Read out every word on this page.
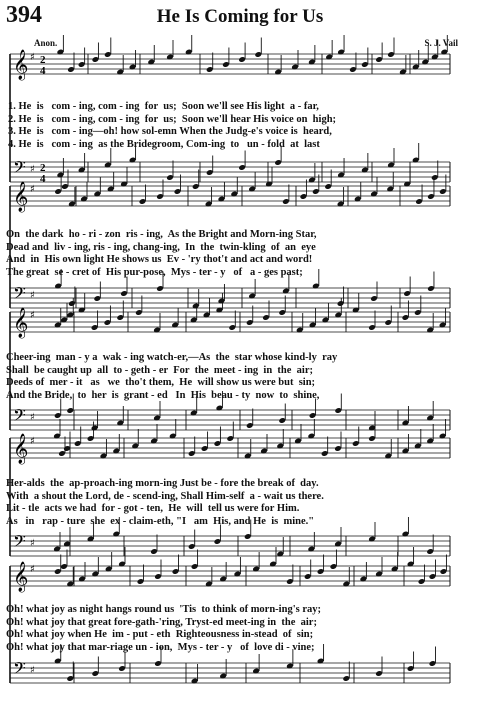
394	He Is Coming for Us
Anon.	S. J. Vail
𝄞
𝄢
♯
♯
2
4
2
4
𝄞
𝄢
♯
♯
𝄞
𝄢
♯
♯
𝄞
𝄢
♯
♯
𝄞
𝄢
♯
♯
1. He  is   com - ing, com - ing  for  us;  Soon we'll see His light  a - far,
2. He  is   com - ing, com - ing  for  us;  Soon we'll hear His voice on  high;
3. He  is   com - ing—oh! how sol-emn When the Judg-e's voice is  heard,
4. He  is   com - ing  as the Bridegroom, Com-ing  to   un - fold  at  last
On  the dark  ho - ri - zon  ris - ing,  As the Bright and Morn-ing Star,
Dead and  liv - ing, ris - ing, chang-ing,  In  the  twin-kling  of  an  eye
And  in  His own light He shows us  Ev - 'ry thot't and act and word!
The great  se - cret of  His pur-pose,  Mys - ter - y   of   a - ges past;
Cheer-ing  man - y a  wak - ing watch-er,—As  the  star whose kind-ly  ray
Shall  be caught up  all  to - geth - er  For  the  meet - ing  in  the  air;
Deeds of  mer - it   as   we  tho't them,  He  will show us were but  sin;
And the Bride,  to  her  is  grant - ed   In  His  beau - ty  now  to  shine,
Her-alds  the  ap-proach-ing morn-ing Just be - fore the break of  day.
With  a shout the Lord, de - scend-ing, Shall Him-self  a - wait us there.
Lit - tle  acts we had  for - got - ten,  He  will  tell us were for Him.
As   in   rap - ture  she  ex - claim-eth, "I   am  His, and He  is  mine."
Oh! what joy as night hangs round us  'Tis  to think of morn-ing's ray;
Oh! what joy that great fore-gath-'ring, Tryst-ed meet-ing in  the  air;
Oh! what joy when He  im - put - eth  Righteousness in-stead  of  sin;
Oh! what joy that mar-riage un - ion,  Mys - ter - y   of  love di - vine;
